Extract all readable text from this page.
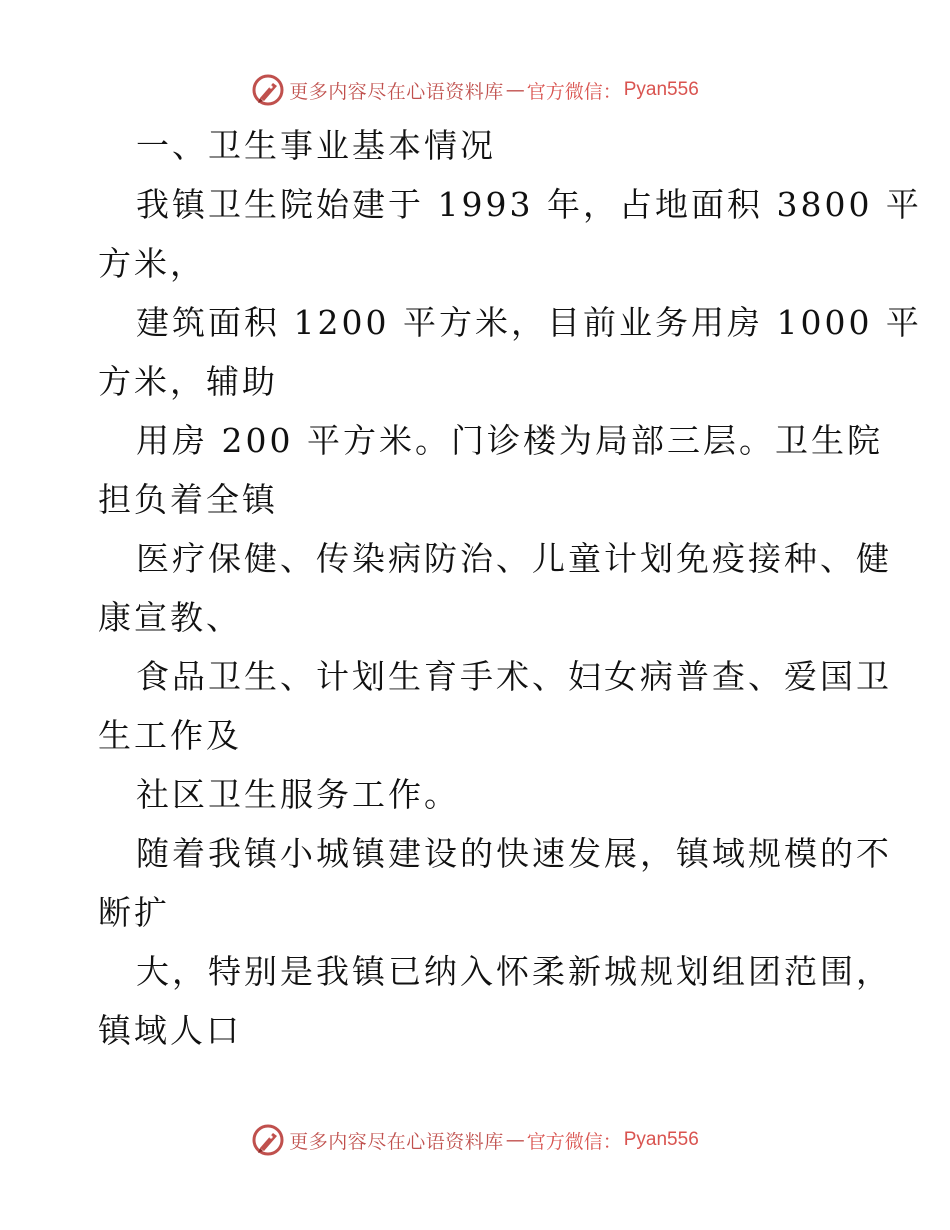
更多内容尽在心语资料库 — 官方微信： Pyan556
一、卫生事业基本情况
我镇卫生院始建于 1993 年，占地面积 3800 平
方米，
建筑面积 1200 平方米，目前业务用房 1000 平
方米，辅助
用房 200 平方米。门诊楼为局部三层。卫生院
担负着全镇
医疗保健、传染病防治、儿童计划免疫接种、健
康宣教、
食品卫生、计划生育手术、妇女病普查、爱国卫
生工作及
社区卫生服务工作。
随着我镇小城镇建设的快速发展，镇域规模的不
断扩
大，特别是我镇已纳入怀柔新城规划组团范围，
镇域人口
更多内容尽在心语资料库 — 官方微信： Pyan556
